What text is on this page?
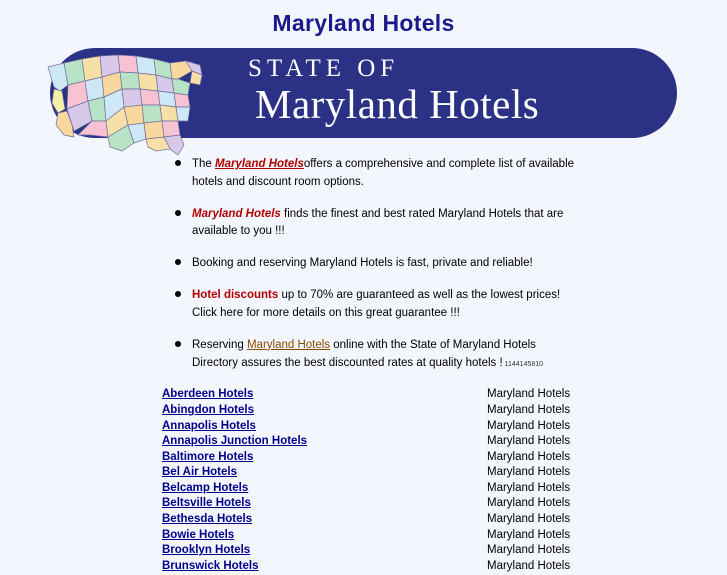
Maryland Hotels
STATE OF
Maryland Hotels
The Maryland Hotelsoffers a comprehensive and complete list of available hotels and discount room options.
Maryland Hotels finds the finest and best rated Maryland Hotels that are available to you !!!
Booking and reserving Maryland Hotels is fast, private and reliable!
Hotel discounts up to 70% are guaranteed as well as the lowest prices! Click here for more details on this great guarantee !!!
Reserving Maryland Hotels online with the State of Maryland Hotels Directory assures the best discounted rates at quality hotels ! 1144145810
Aberdeen Hotels	Maryland Hotels
Abingdon Hotels	Maryland Hotels
Annapolis Hotels	Maryland Hotels
Annapolis Junction Hotels	Maryland Hotels
Baltimore Hotels	Maryland Hotels
Bel Air Hotels	Maryland Hotels
Belcamp Hotels	Maryland Hotels
Beltsville Hotels	Maryland Hotels
Bethesda Hotels	Maryland Hotels
Bowie Hotels	Maryland Hotels
Brooklyn Hotels	Maryland Hotels
Brunswick Hotels	Maryland Hotels
